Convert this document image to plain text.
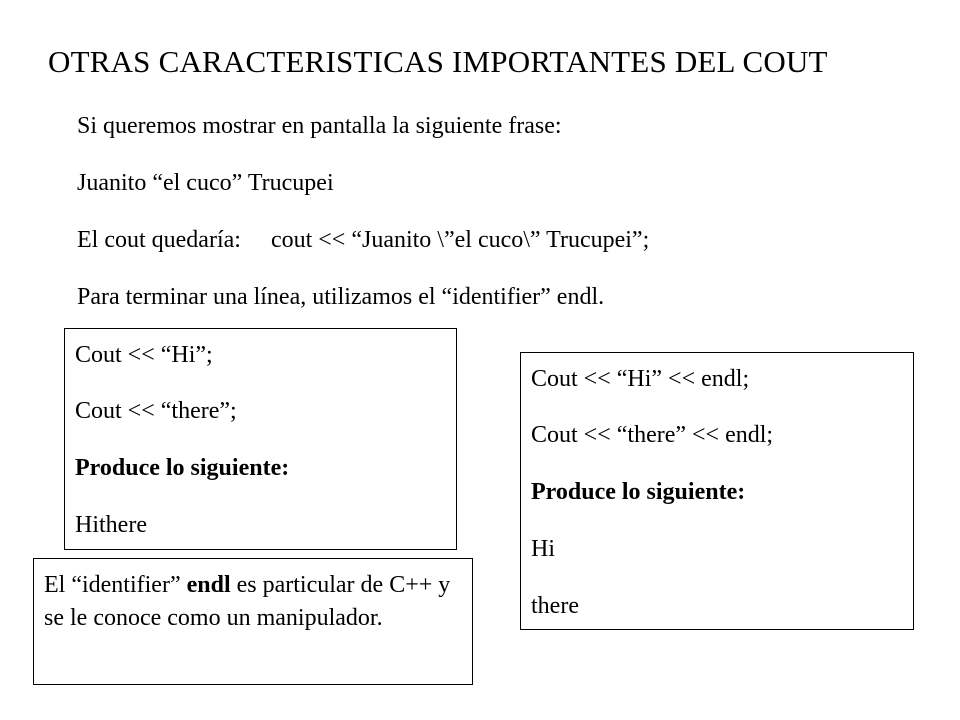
OTRAS CARACTERISTICAS IMPORTANTES DEL COUT
Si queremos mostrar en pantalla la siguiente frase:
Juanito “el cuco” Trucupei
El cout quedaría: cout << “Juanito \”el cuco\” Trucupei”;
Para terminar una línea, utilizamos el “identifier” endl.
Cout << “Hi”;
Cout << “there”;
Produce lo siguiente:
Hithere
Cout << “Hi” << endl;
Cout << “there” << endl;
Produce lo siguiente:
Hi
there
El “identifier” endl es particular de C++ y se le conoce como un manipulador.
